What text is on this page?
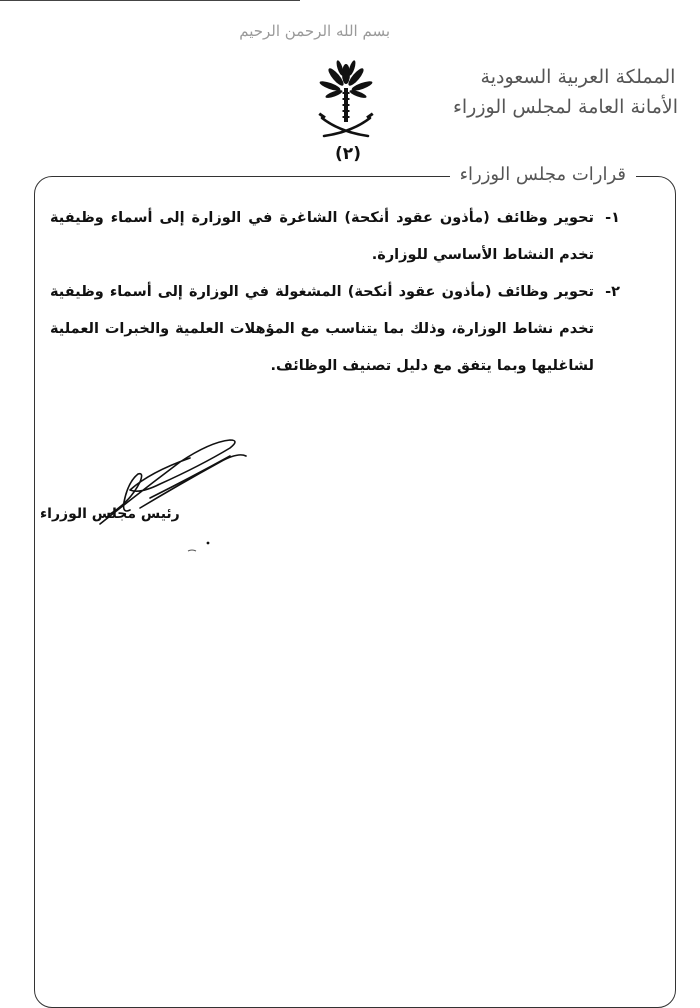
بسم الله الرحمن الرحيم
(٢)
المملكة العربية السعودية
الأمانة العامة لمجلس الوزراء
قرارات مجلس الوزراء
١-
تحوير وظائف (مأذون عقود أنكحة) الشاغرة في الوزارة إلى أسماء وظيفية تخدم النشاط الأساسي للوزارة.
٢-
تحوير وظائف (مأذون عقود أنكحة) المشغولة في الوزارة إلى أسماء وظيفية تخدم نشاط الوزارة، وذلك بما يتناسب مع المؤهلات العلمية والخبرات العملية لشاغليها وبما يتفق مع دليل تصنيف الوظائف.
رئيس مجلس الوزراء
